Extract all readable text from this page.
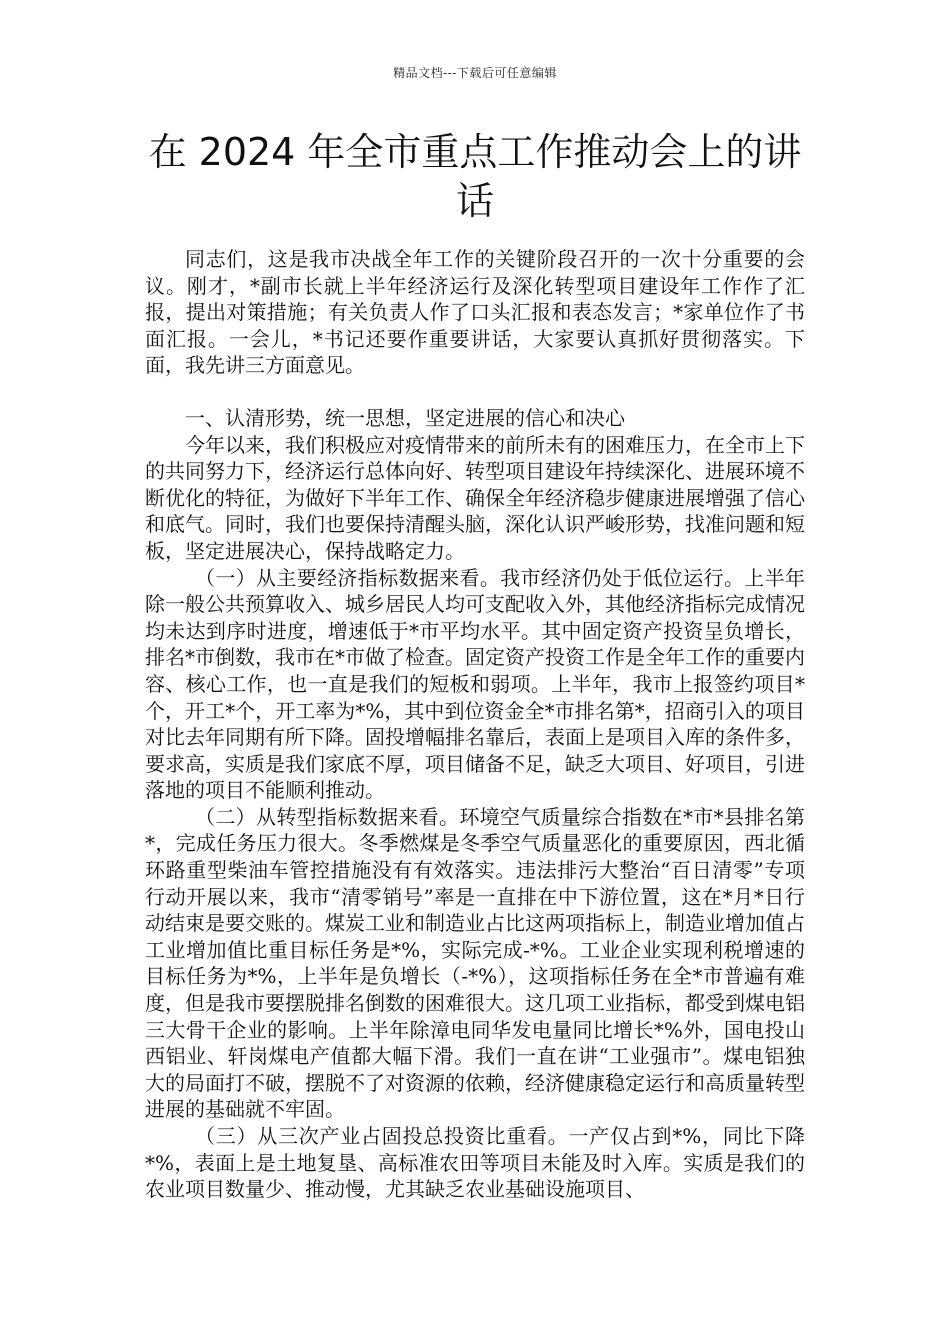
精品文档---下载后可任意编辑
在 2024 年全市重点工作推动会上的讲话

同志们，这是我市决战全年工作的关键阶段召开的一次十分重要的会议。刚才，*副市长就上半年经济运行及深化转型项目建设年工作作了汇报，提出对策措施；有关负责人作了口头汇报和表态发言；*家单位作了书面汇报。一会儿，*书记还要作重要讲话，大家要认真抓好贯彻落实。下面，我先讲三方面意见。

一、认清形势，统一思想，坚定进展的信心和决心

今年以来，我们积极应对疫情带来的前所未有的困难压力，在全市上下的共同努力下，经济运行总体向好、转型项目建设年持续深化、进展环境不断优化的特征，为做好下半年工作、确保全年经济稳步健康进展增强了信心和底气。同时，我们也要保持清醒头脑，深化认识严峻形势，找准问题和短板，坚定进展决心，保持战略定力。

（一）从主要经济指标数据来看。我市经济仍处于低位运行。上半年除一般公共预算收入、城乡居民人均可支配收入外，其他经济指标完成情况均未达到序时进度，增速低于*市平均水平。其中固定资产投资呈负增长，排名*市倒数，我市在*市做了检查。固定资产投资工作是全年工作的重要内容、核心工作，也一直是我们的短板和弱项。上半年，我市上报签约项目*个，开工*个，开工率为*%，其中到位资金全*市排名第*，招商引入的项目对比去年同期有所下降。固投增幅排名靠后，表面上是项目入库的条件多，要求高，实质是我们家底不厚，项目储备不足，缺乏大项目、好项目，引进落地的项目不能顺利推动。

（二）从转型指标数据来看。环境空气质量综合指数在*市*县排名第*，完成任务压力很大。冬季燃煤是冬季空气质量恶化的重要原因，西北循环路重型柴油车管控措施没有有效落实。违法排污大整治“百日清零”专项行动开展以来，我市“清零销号”率是一直排在中下游位置，这在*月*日行动结束是要交账的。煤炭工业和制造业占比这两项指标上，制造业增加值占工业增加值比重目标任务是*%，实际完成-*%。工业企业实现利税增速的目标任务为*%，上半年是负增长（-*%），这项指标任务在全*市普遍有难度，但是我市要摆脱排名倒数的困难很大。这几项工业指标，都受到煤电铝三大骨干企业的影响。上半年除漳电同华发电量同比增长*%外，国电投山西铝业、轩岗煤电产值都大幅下滑。我们一直在讲“工业强市”。煤电铝独大的局面打不破，摆脱不了对资源的依赖，经济健康稳定运行和高质量转型进展的基础就不牢固。

（三）从三次产业占固投总投资比重看。一产仅占到*%，同比下降*%，表面上是土地复垦、高标准农田等项目未能及时入库。实质是我们的农业项目数量少、推动慢，尤其缺乏农业基础设施项目、
